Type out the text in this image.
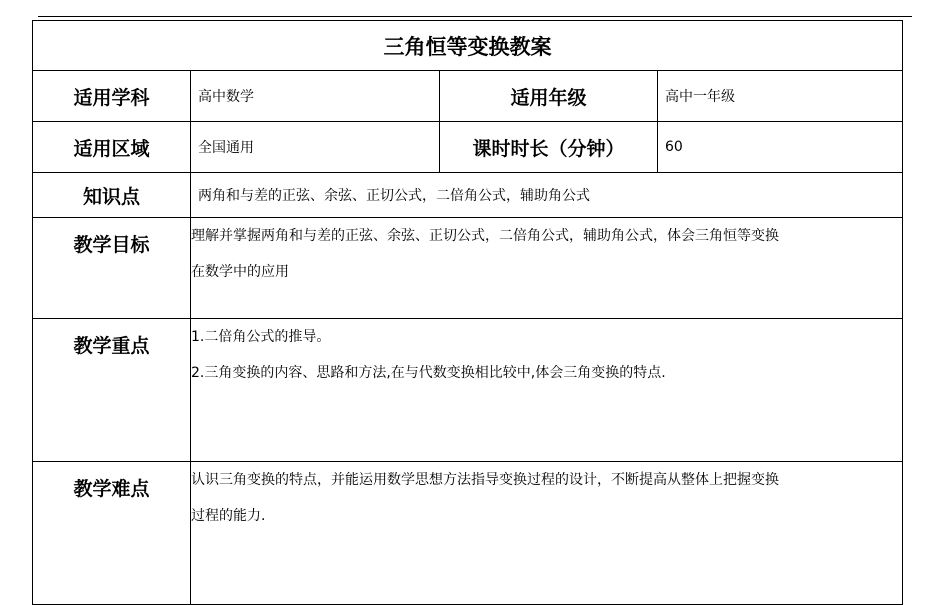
三角恒等变换教案			
适用学科	高中数学	适用年级	高中一年级
适用区域	全国通用	课时时长（分钟）	60
知识点	两角和与差的正弦、余弦、正切公式，二倍角公式，辅助角公式		
教学目标	理解并掌握两角和与差的正弦、余弦、正切公式，二倍角公式，辅助角公式，体会三角恒等变换
在数学中的应用		

教学重点	1.二倍角公式的推导。
2.三角变换的内容、思路和方法,在与代数变换相比较中,体会三角变换的特点.		

教学难点	认识三角变换的特点，并能运用数学思想方法指导变换过程的设计，不断提高从整体上把握变换
过程的能力.		
